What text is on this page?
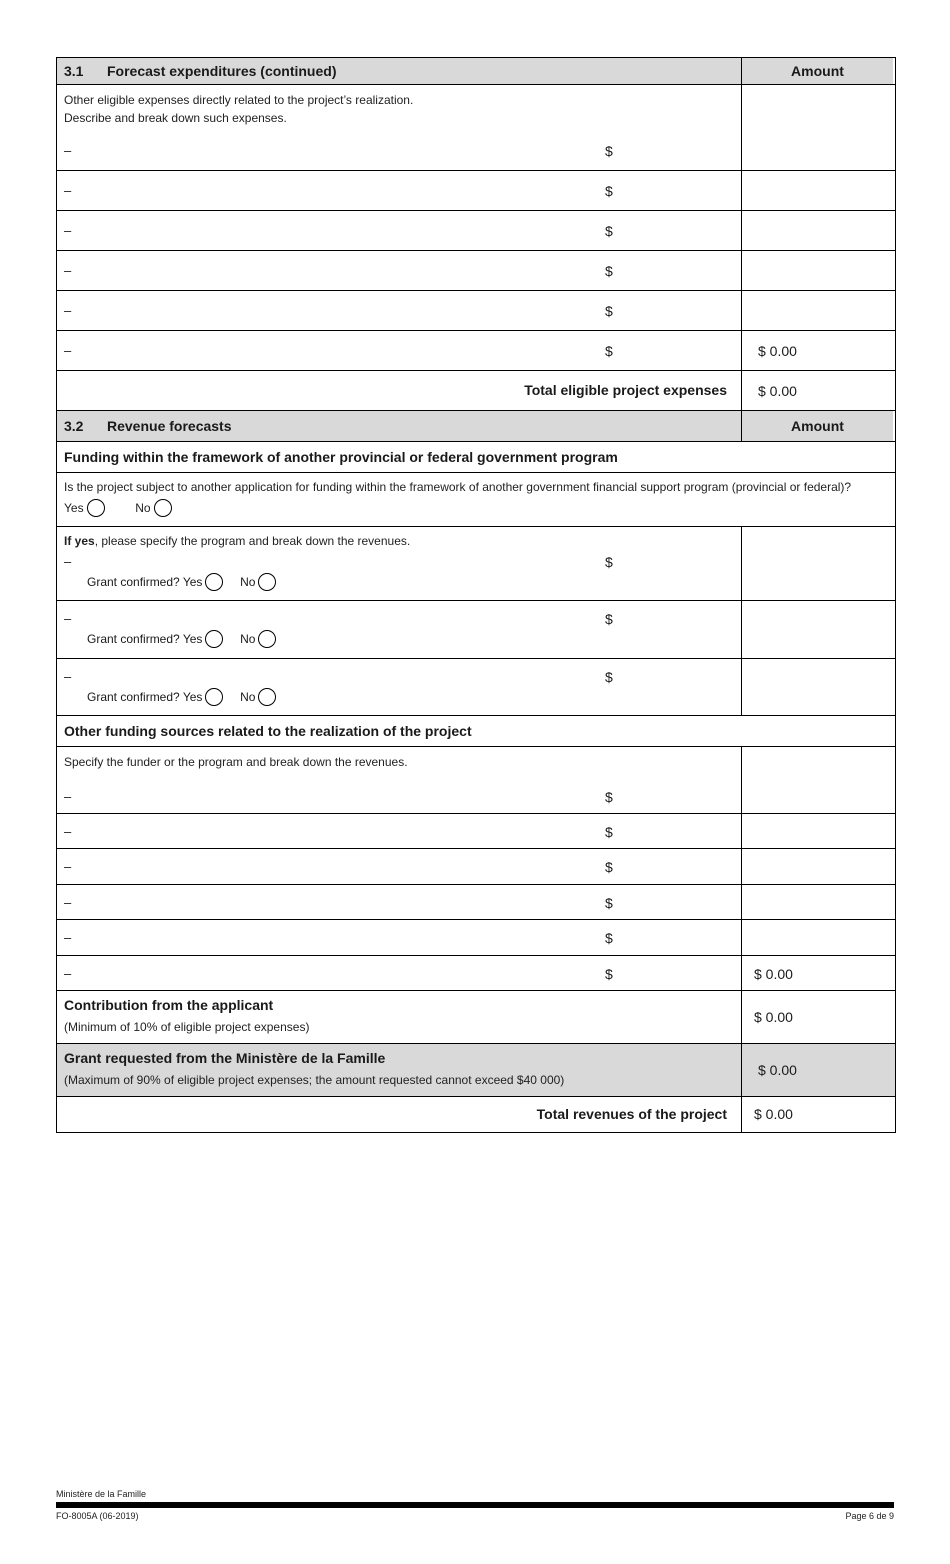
3.1 Forecast expenditures (continued)	Amount
Other eligible expenses directly related to the project’s realization.
Describe and break down such expenses.
–	$
–	$
–	$
–	$
–	$
–	$	$ 0.00
Total eligible project expenses $ 0.00
3.2 Revenue forecasts	Amount
Funding within the framework of another provincial or federal government program
Is the project subject to another application for funding within the framework of another government financial support program (provincial or federal)?
Yes	No
If yes, please specify the program and break down the revenues.
–	$
Grant confirmed? Yes	No
–	$
Grant confirmed? Yes	No
–	$
Grant confirmed? Yes	No
Other funding sources related to the realization of the project
Specify the funder or the program and break down the revenues.
–	$
–	$
–	$
–	$
–	$
–	$	$ 0.00
Contribution from the applicant
(Minimum of 10% of eligible project expenses)
$ 0.00
Grant requested from the Ministère de la Famille
(Maximum of 90% of eligible project expenses; the amount requested cannot exceed $40 000)
$ 0.00
Total revenues of the project $ 0.00
Ministère de la Famille
FO-8005A (06-2019)	Page 6 de 9
